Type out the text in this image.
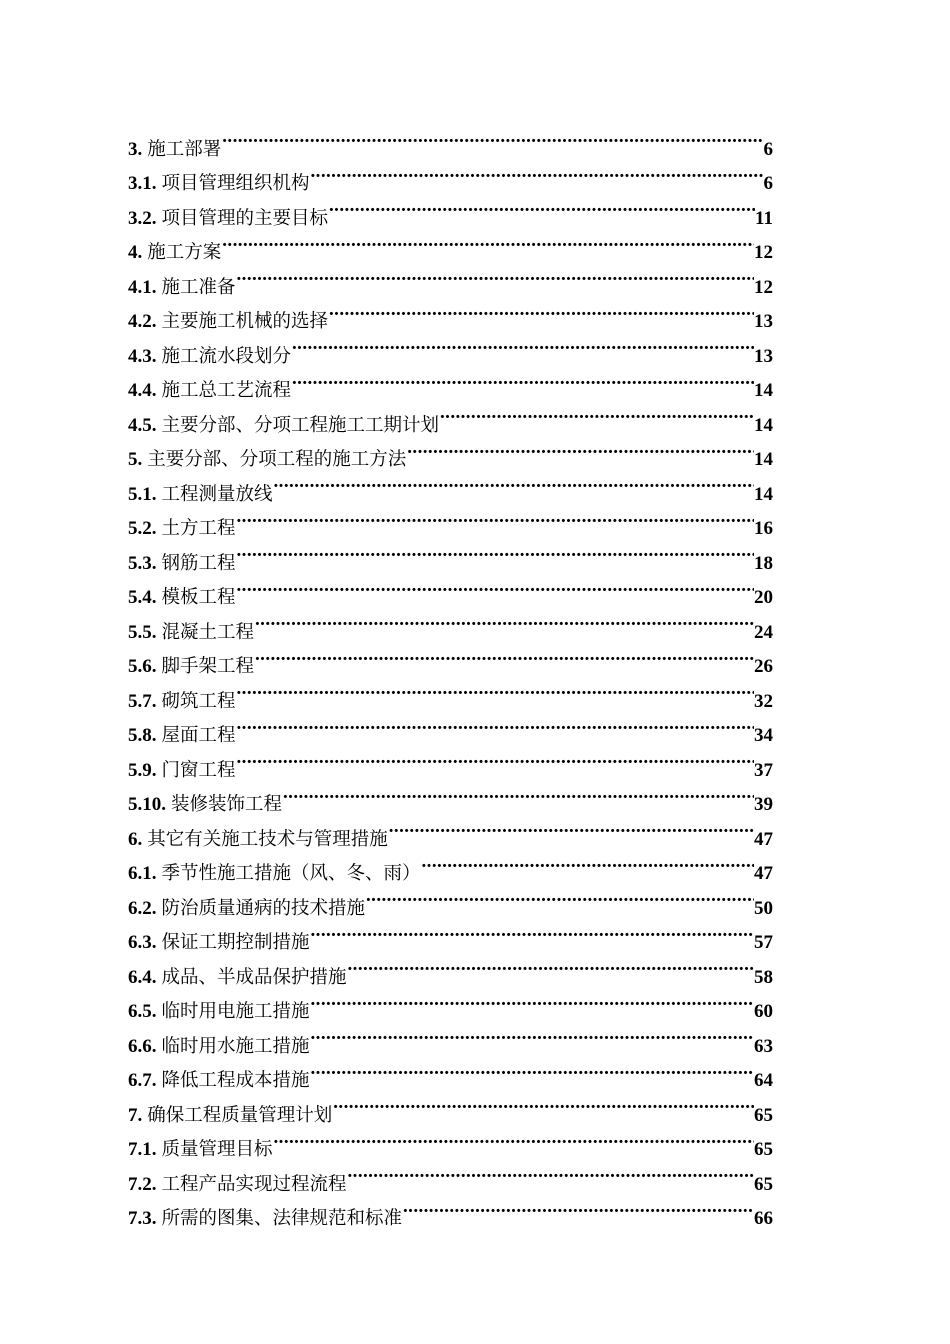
3. 施工部署 .....	6
3.1. 项目管理组织机构 .....	6
3.2. 项目管理的主要目标 .....	11
4. 施工方案 .....	12
4.1. 施工准备 .....	12
4.2. 主要施工机械的选择 .....	13
4.3. 施工流水段划分 .....	13
4.4. 施工总工艺流程 .....	14
4.5. 主要分部、分项工程施工工期计划 .....	14
5. 主要分部、分项工程的施工方法 .....	14
5.1. 工程测量放线 .....	14
5.2. 土方工程 .....	16
5.3. 钢筋工程 .....	18
5.4. 模板工程 .....	20
5.5. 混凝土工程 .....	24
5.6. 脚手架工程 .....	26
5.7. 砌筑工程 .....	32
5.8. 屋面工程 .....	34
5.9. 门窗工程 .....	37
5.10. 装修装饰工程 .....	39
6. 其它有关施工技术与管理措施 .....	47
6.1. 季节性施工措施（风、冬、雨） .....	47
6.2. 防治质量通病的技术措施 .....	50
6.3. 保证工期控制措施 .....	57
6.4. 成品、半成品保护措施 .....	58
6.5. 临时用电施工措施 .....	60
6.6. 临时用水施工措施 .....	63
6.7. 降低工程成本措施 .....	64
7. 确保工程质量管理计划 .....	65
7.1. 质量管理目标 .....	65
7.2. 工程产品实现过程流程 .....	65
7.3. 所需的图集、法律规范和标准 .....	66
